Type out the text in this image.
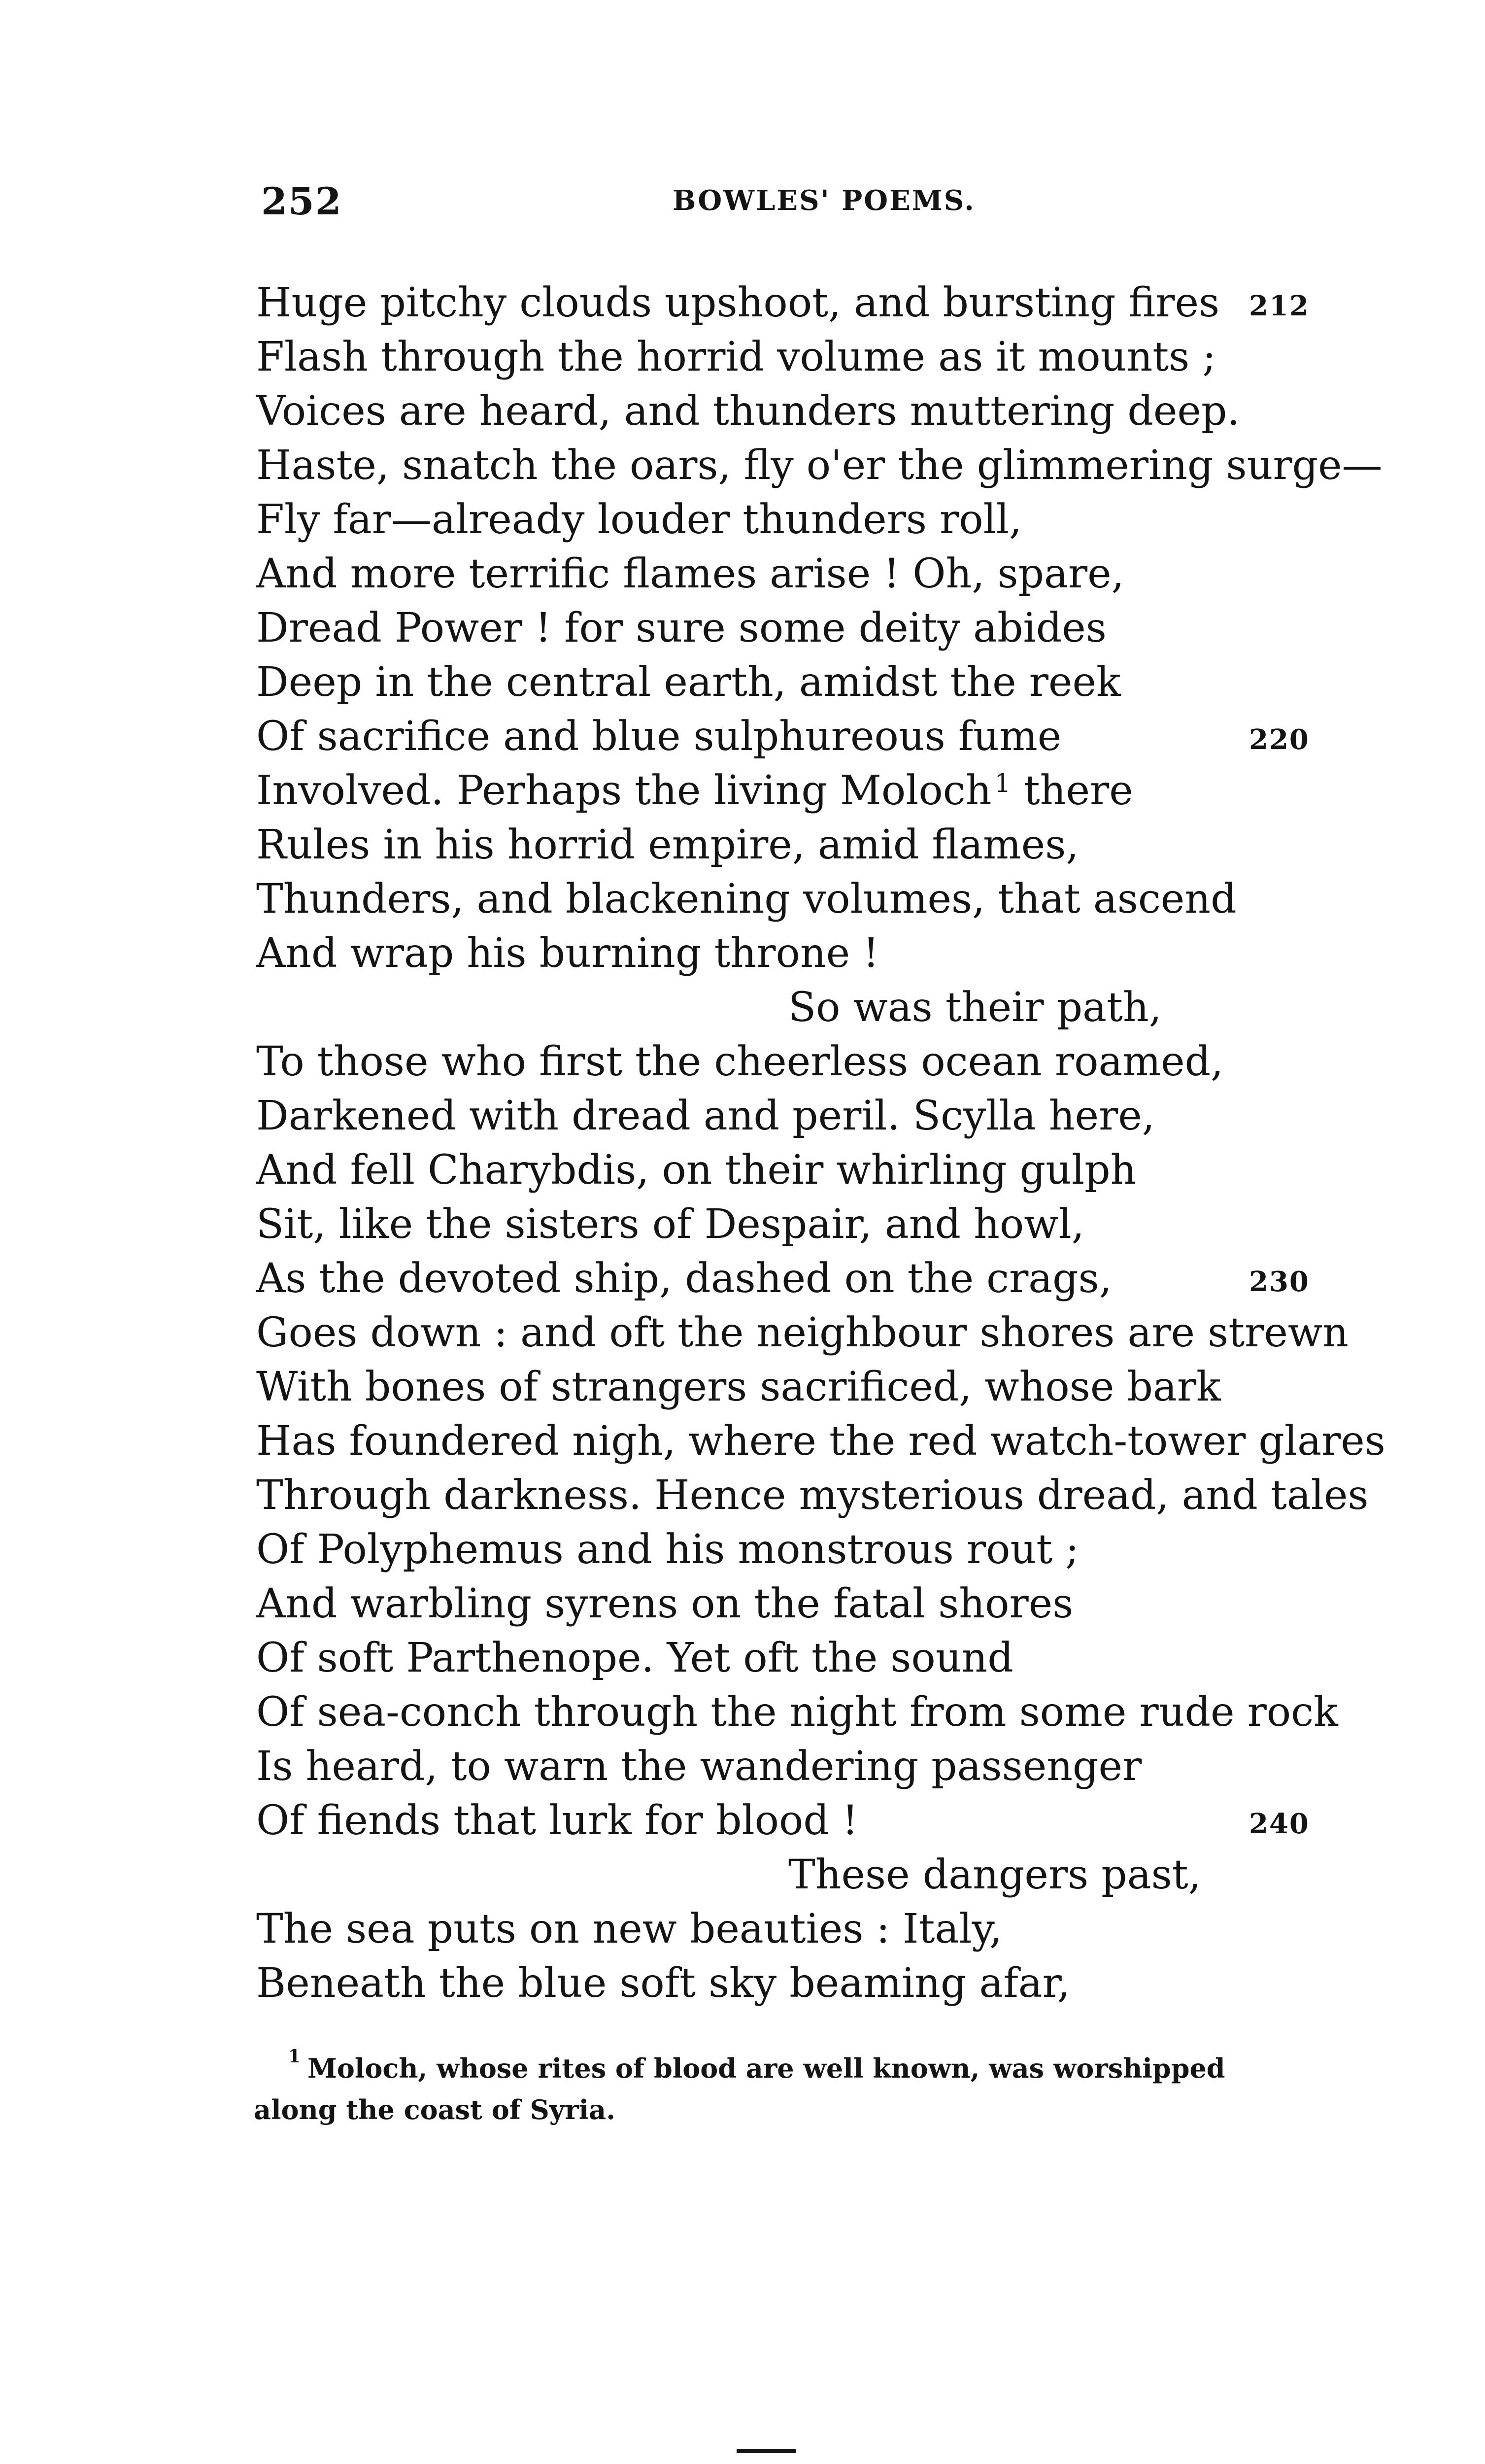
252	BOWLES' POEMS.
Huge pitchy clouds upshoot, and bursting fires 212
Flash through the horrid volume as it mounts ;
Voices are heard, and thunders muttering deep.
Haste, snatch the oars, fly o'er the glimmering surge—
Fly far—already louder thunders roll,
And more terrific flames arise ! Oh, spare,
Dread Power ! for sure some deity abides
Deep in the central earth, amidst the reek
Of sacrifice and blue sulphureous fume	220
Involved. Perhaps the living Moloch $^1$ there
Rules in his horrid empire, amid flames,
Thunders, and blackening volumes, that ascend
And wrap his burning throne !
So was their path,
To those who first the cheerless ocean roamed,
Darkened with dread and peril. Scylla here,
And fell Charybdis, on their whirling gulph
Sit, like the sisters of Despair, and howl,
As the devoted ship, dashed on the crags,	230
Goes down : and oft the neighbour shores are strewn
With bones of strangers sacrificed, whose bark
Has foundered nigh, where the red watch-tower glares
Through darkness. Hence mysterious dread, and tales
Of Polyphemus and his monstrous rout ;
And warbling syrens on the fatal shores
Of soft Parthenope. Yet oft the sound
Of sea-conch through the night from some rude rock
Is heard, to warn the wandering passenger
Of fiends that lurk for blood !	240
These dangers past,
The sea puts on new beauties : Italy,
Beneath the blue soft sky beaming afar,
$^1$ Moloch, whose rites of blood are well known, was worshipped along the coast of Syria.
